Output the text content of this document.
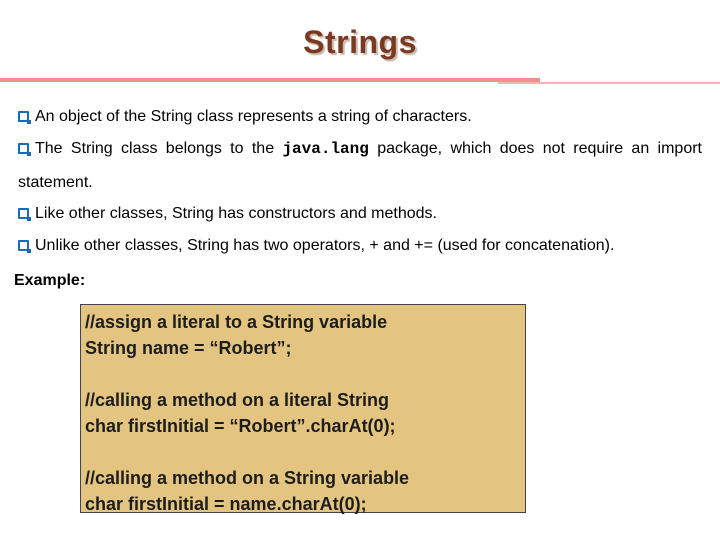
Strings
An object of the String class represents a string of characters.
The String class belongs to the java.lang package, which does not require an import statement.
Like other classes, String has constructors and methods.
Unlike other classes, String has two operators, + and += (used for concatenation).
Example:
//assign a literal to a String variable
String name = “Robert”;
//calling a method on a literal String
char firstInitial = “Robert”.charAt(0);
//calling a method on a String variable
char firstInitial = name.charAt(0);
